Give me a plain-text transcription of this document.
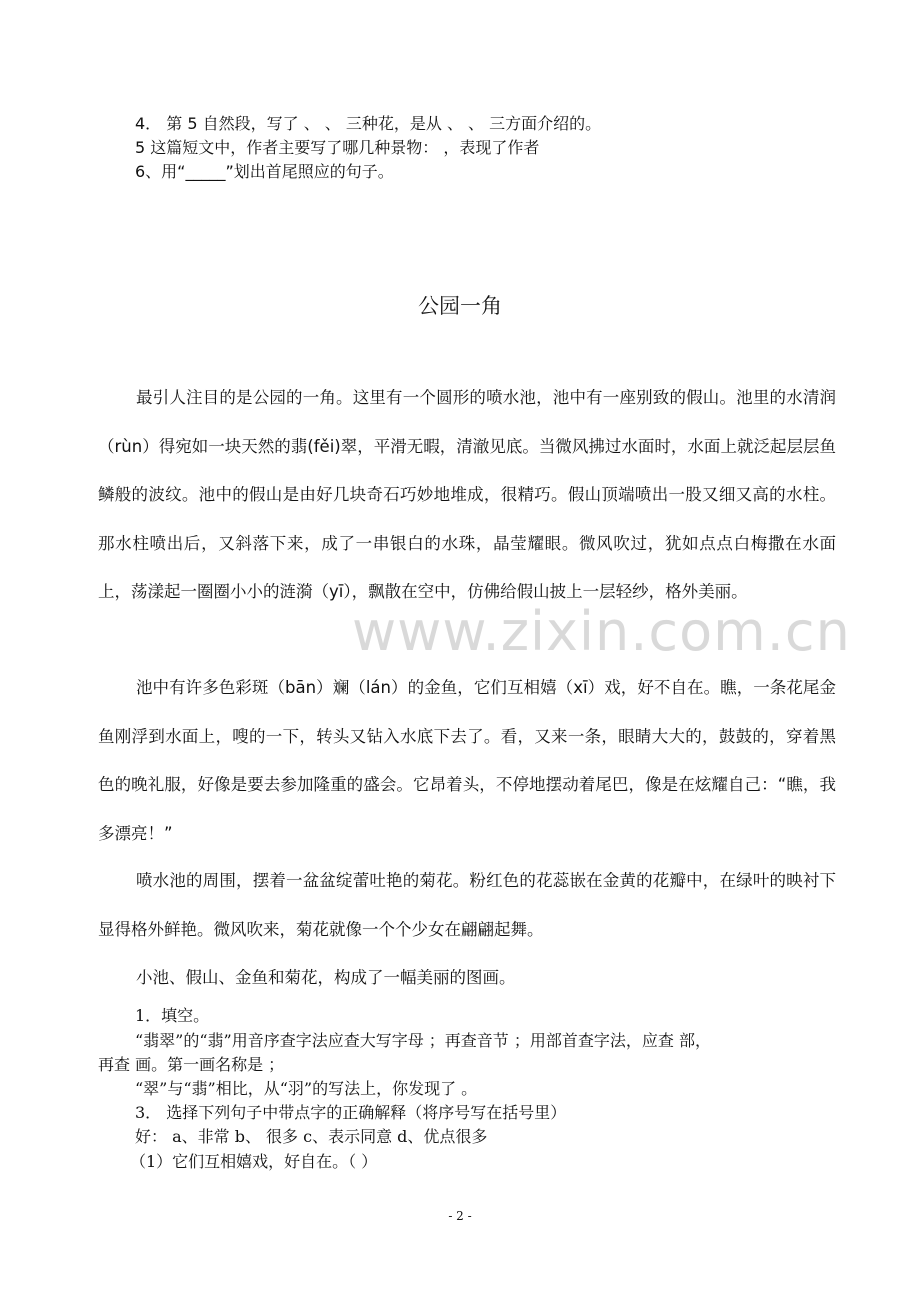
4． 第 5 自然段，写了 、 、 三种花，是从 、 、 三方面介绍的。
5 这篇短文中，作者主要写了哪几种景物： ，表现了作者
6、用“_____”划出首尾照应的句子。
公园一角
最引人注目的是公园的一角。这里有一个圆形的喷水池，池中有一座别致的假山。池里的水清润（rùn）得宛如一块天然的翡(fěi)翠，平滑无暇，清澈见底。当微风拂过水面时，水面上就泛起层层鱼鳞般的波纹。池中的假山是由好几块奇石巧妙地堆成，很精巧。假山顶端喷出一股又细又高的水柱。那水柱喷出后，又斜落下来，成了一串银白的水珠，晶莹耀眼。微风吹过，犹如点点白梅撒在水面上，荡漾起一圈圈小小的涟漪（yī），飘散在空中，仿佛给假山披上一层轻纱，格外美丽。
池中有许多色彩斑（bān）斓（lán）的金鱼，它们互相嬉（xī）戏，好不自在。瞧，一条花尾金鱼刚浮到水面上，嗖的一下，转头又钻入水底下去了。看，又来一条，眼睛大大的，鼓鼓的，穿着黑色的晚礼服，好像是要去参加隆重的盛会。它昂着头，不停地摆动着尾巴，像是在炫耀自己：“瞧，我多漂亮！”
喷水池的周围，摆着一盆盆绽蕾吐艳的菊花。粉红色的花蕊嵌在金黄的花瓣中，在绿叶的映衬下显得格外鲜艳。微风吹来，菊花就像一个个少女在翩翩起舞。
小池、假山、金鱼和菊花，构成了一幅美丽的图画。
www.zixin.com.cn
1．填空。
“翡翠”的“翡”用音序查字法应查大写字母 ；再查音节 ；用部首查字法，应查 部，
再查 画。第一画名称是 ；
“翠”与“翡”相比，从“羽”的写法上，你发现了 。
3． 选择下列句子中带点字的正确解释（将序号写在括号里）
好： a、非常 b、 很多 c、表示同意 d、优点很多
（1）它们互相嬉戏，好自在。（ ）
- 2 -
